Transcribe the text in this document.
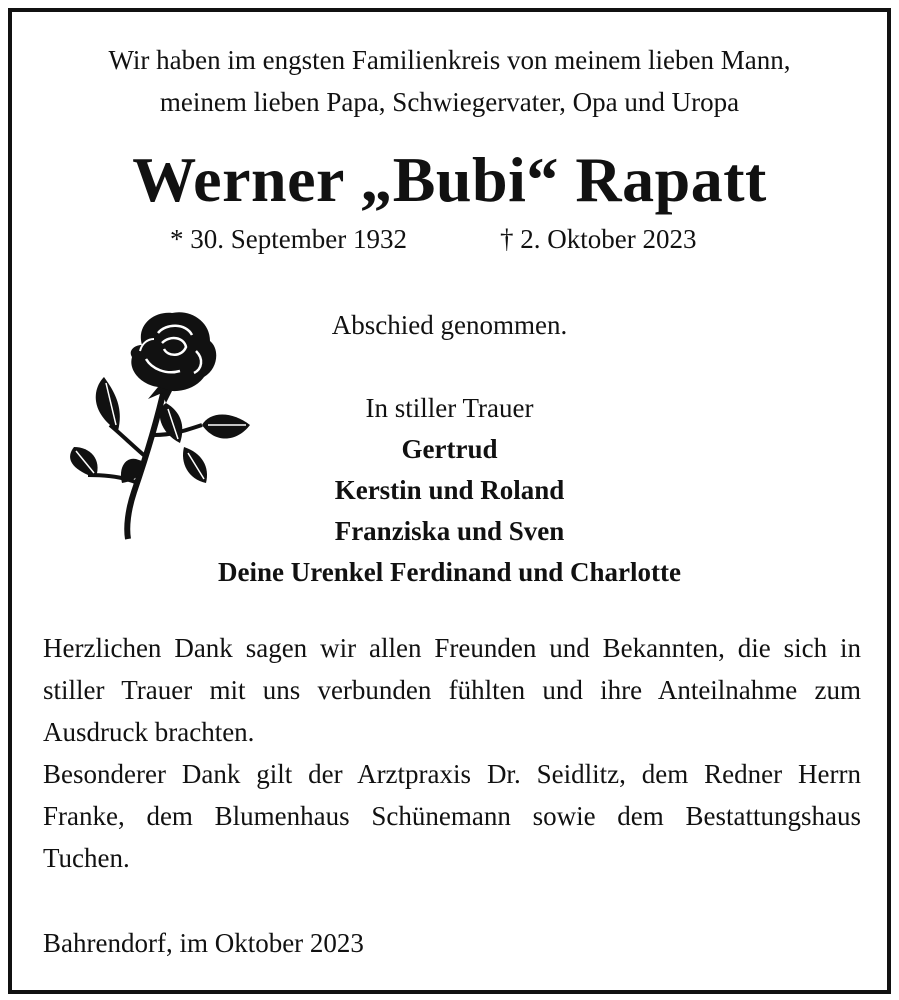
Wir haben im engsten Familienkreis von meinem lieben Mann,
meinem lieben Papa, Schwiegervater, Opa und Uropa
Werner „Bubi“ Rapatt
* 30. September 1932	† 2. Oktober 2023
Abschied genommen.
In stiller Trauer
Gertrud
Kerstin und Roland
Franziska und Sven
Deine Urenkel Ferdinand und Charlotte

Herzlichen Dank sagen wir allen Freunden und Bekannten, die sich in stiller Trauer mit uns verbunden fühlten und ihre Anteilnahme zum Ausdruck brachten.

Besonderer Dank gilt der Arztpraxis Dr. Seidlitz, dem Redner Herrn Franke, dem Blumenhaus Schünemann sowie dem Bestattungshaus Tuchen.

Bahrendorf, im Oktober 2023
